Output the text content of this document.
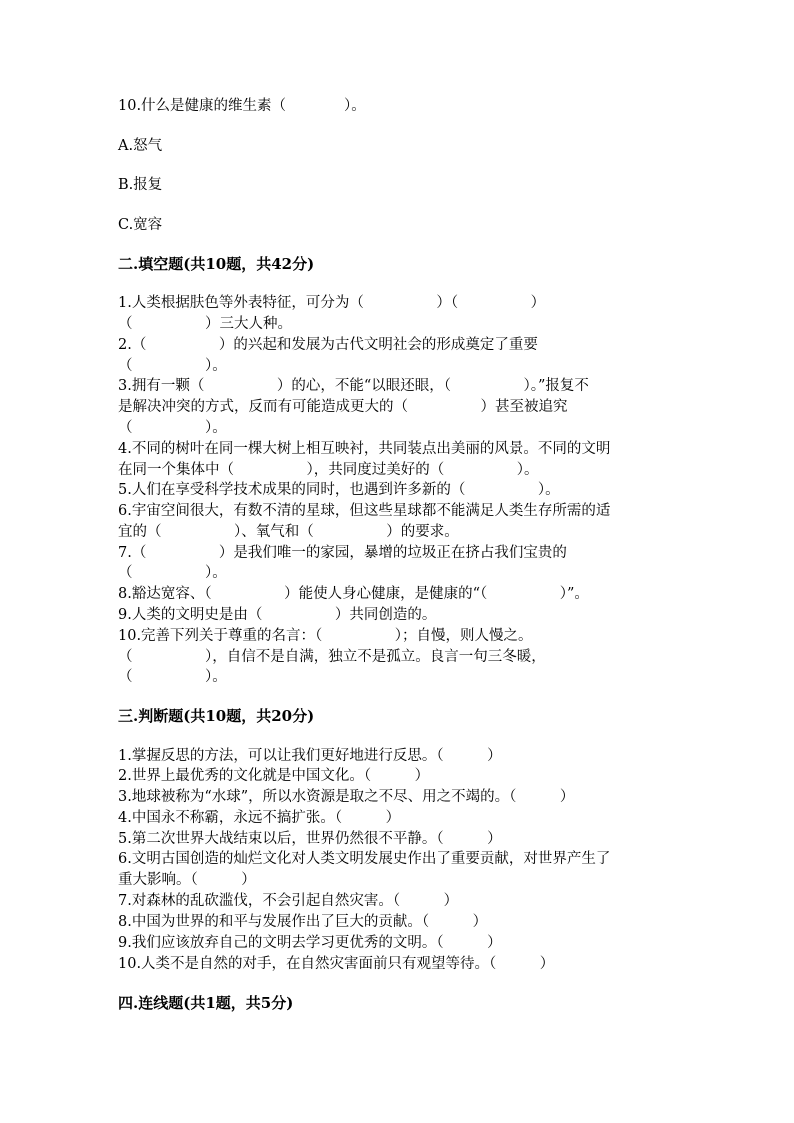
10.什么是健康的维生素（　　　　）。
A.怒气
B.报复
C.宽容
二.填空题(共10题，共42分)
1.人类根据肤色等外表特征，可分为（　　　　　）（　　　　　）
（　　　　　）三大人种。
2.（　　　　　）的兴起和发展为古代文明社会的形成奠定了重要
（　　　　　）。
3.拥有一颗（　　　　　）的心，不能“以眼还眼，（　　　　　）。”报复不
是解决冲突的方式，反而有可能造成更大的（　　　　　）甚至被追究
（　　　　　）。
4.不同的树叶在同一棵大树上相互映衬，共同装点出美丽的风景。不同的文明
在同一个集体中（　　　　　），共同度过美好的（　　　　　）。
5.人们在享受科学技术成果的同时，也遇到许多新的（　　　　　）。
6.宇宙空间很大，有数不清的星球，但这些星球都不能满足人类生存所需的适
宜的（　　　　　）、氧气和（　　　　　）的要求。
7.（　　　　　）是我们唯一的家园，暴增的垃圾正在挤占我们宝贵的
（　　　　　）。
8.豁达宽容、（　　　　　）能使人身心健康，是健康的“（　　　　　）”。
9.人类的文明史是由（　　　　　）共同创造的。
10.完善下列关于尊重的名言：（　　　　　）；自慢，则人慢之。
（　　　　　），自信不是自满，独立不是孤立。良言一句三冬暖，
（　　　　　）。
三.判断题(共10题，共20分)
1.掌握反思的方法，可以让我们更好地进行反思。（　　　）
2.世界上最优秀的文化就是中国文化。（　　　）
3.地球被称为“水球”，所以水资源是取之不尽、用之不竭的。（　　　）
4.中国永不称霸，永远不搞扩张。（　　　）
5.第二次世界大战结束以后，世界仍然很不平静。（　　　）
6.文明古国创造的灿烂文化对人类文明发展史作出了重要贡献，对世界产生了
重大影响。（　　　）
7.对森林的乱砍滥伐，不会引起自然灾害。（　　　）
8.中国为世界的和平与发展作出了巨大的贡献。（　　　）
9.我们应该放弃自己的文明去学习更优秀的文明。（　　　）
10.人类不是自然的对手，在自然灾害面前只有观望等待。（　　　）
四.连线题(共1题，共5分)
